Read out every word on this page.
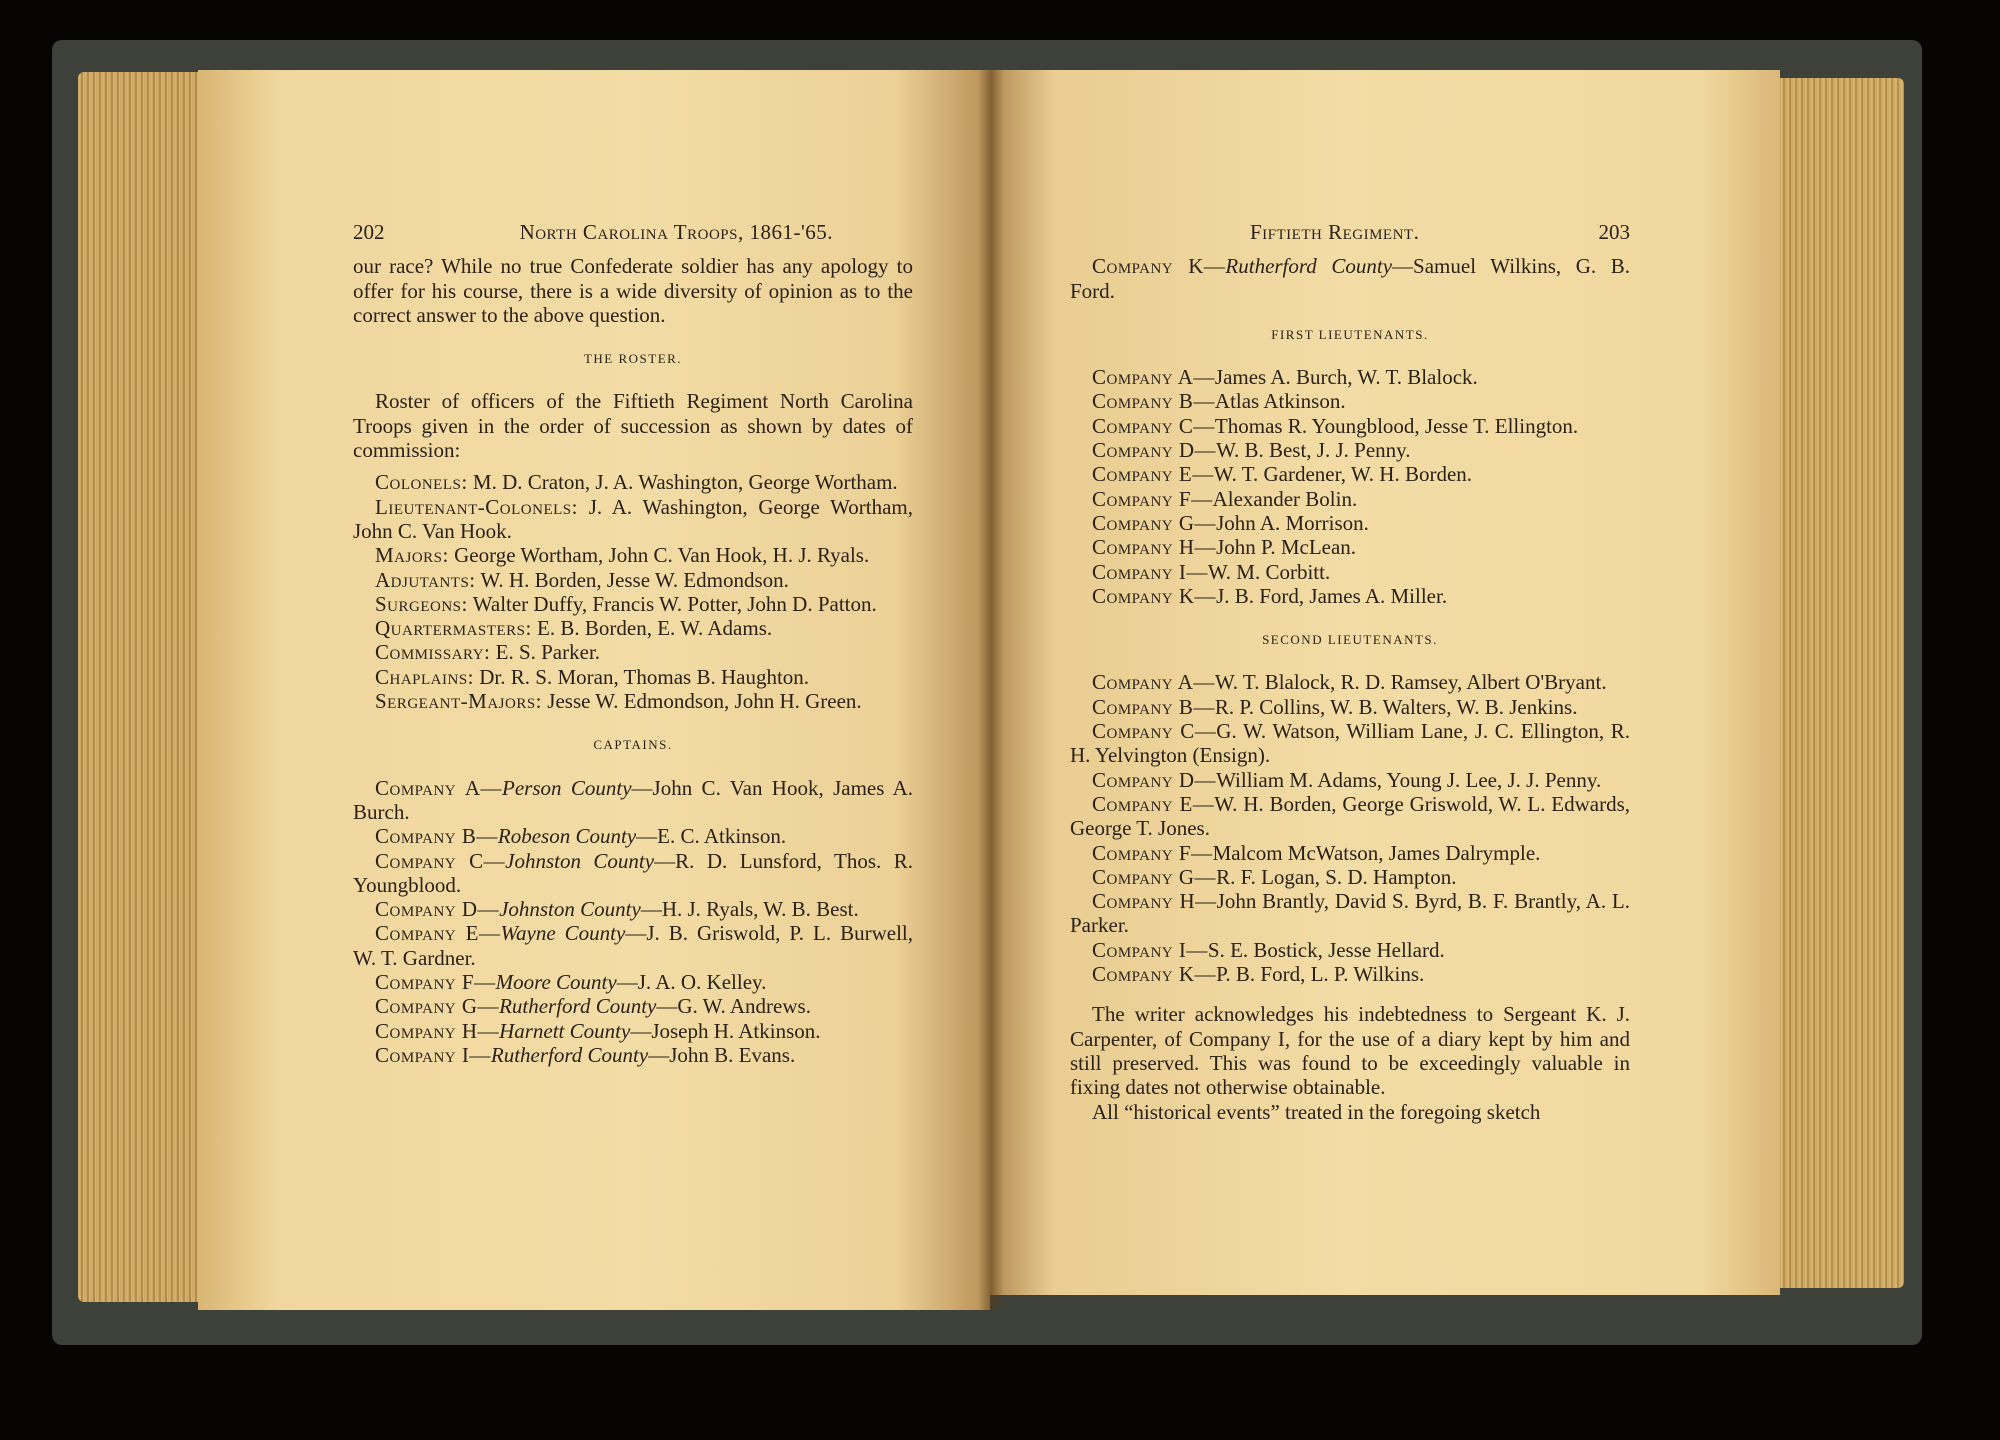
202	North Carolina Troops, 1861-'65.

our race? While no true Confederate soldier has any apology to offer for his course, there is a wide diversity of opinion as to the correct answer to the above question.

THE ROSTER.

Roster of officers of the Fiftieth Regiment North Carolina Troops given in the order of succession as shown by dates of commission:

Colonels: M. D. Craton, J. A. Washington, George Wortham.

Lieutenant-Colonels: J. A. Washington, George Wortham, John C. Van Hook.

Majors: George Wortham, John C. Van Hook, H. J. Ryals.

Adjutants: W. H. Borden, Jesse W. Edmondson.

Surgeons: Walter Duffy, Francis W. Potter, John D. Patton.

Quartermasters: E. B. Borden, E. W. Adams.

Commissary: E. S. Parker.

Chaplains: Dr. R. S. Moran, Thomas B. Haughton.

Sergeant-Majors: Jesse W. Edmondson, John H. Green.

CAPTAINS.

Company A—Person County—John C. Van Hook, James A. Burch.

Company B—Robeson County—E. C. Atkinson.

Company C—Johnston County—R. D. Lunsford, Thos. R. Youngblood.

Company D—Johnston County—H. J. Ryals, W. B. Best.

Company E—Wayne County—J. B. Griswold, P. L. Burwell, W. T. Gardner.

Company F—Moore County—J. A. O. Kelley.

Company G—Rutherford County—G. W. Andrews.

Company H—Harnett County—Joseph H. Atkinson.

Company I—Rutherford County—John B. Evans.

Fiftieth Regiment.	203

Company K—Rutherford County—Samuel Wilkins, G. B. Ford.

FIRST LIEUTENANTS.

Company A—James A. Burch, W. T. Blalock.

Company B—Atlas Atkinson.

Company C—Thomas R. Youngblood, Jesse T. Ellington.

Company D—W. B. Best, J. J. Penny.

Company E—W. T. Gardener, W. H. Borden.

Company F—Alexander Bolin.

Company G—John A. Morrison.

Company H—John P. McLean.

Company I—W. M. Corbitt.

Company K—J. B. Ford, James A. Miller.

SECOND LIEUTENANTS.

Company A—W. T. Blalock, R. D. Ramsey, Albert O'Bryant.

Company B—R. P. Collins, W. B. Walters, W. B. Jenkins.

Company C—G. W. Watson, William Lane, J. C. Ellington, R. H. Yelvington (Ensign).

Company D—William M. Adams, Young J. Lee, J. J. Penny.

Company E—W. H. Borden, George Griswold, W. L. Edwards, George T. Jones.

Company F—Malcom McWatson, James Dalrymple.

Company G—R. F. Logan, S. D. Hampton.

Company H—John Brantly, David S. Byrd, B. F. Brantly, A. L. Parker.

Company I—S. E. Bostick, Jesse Hellard.

Company K—P. B. Ford, L. P. Wilkins.

The writer acknowledges his indebtedness to Sergeant K. J. Carpenter, of Company I, for the use of a diary kept by him and still preserved. This was found to be exceedingly valuable in fixing dates not otherwise obtainable.

All “historical events” treated in the foregoing sketch
